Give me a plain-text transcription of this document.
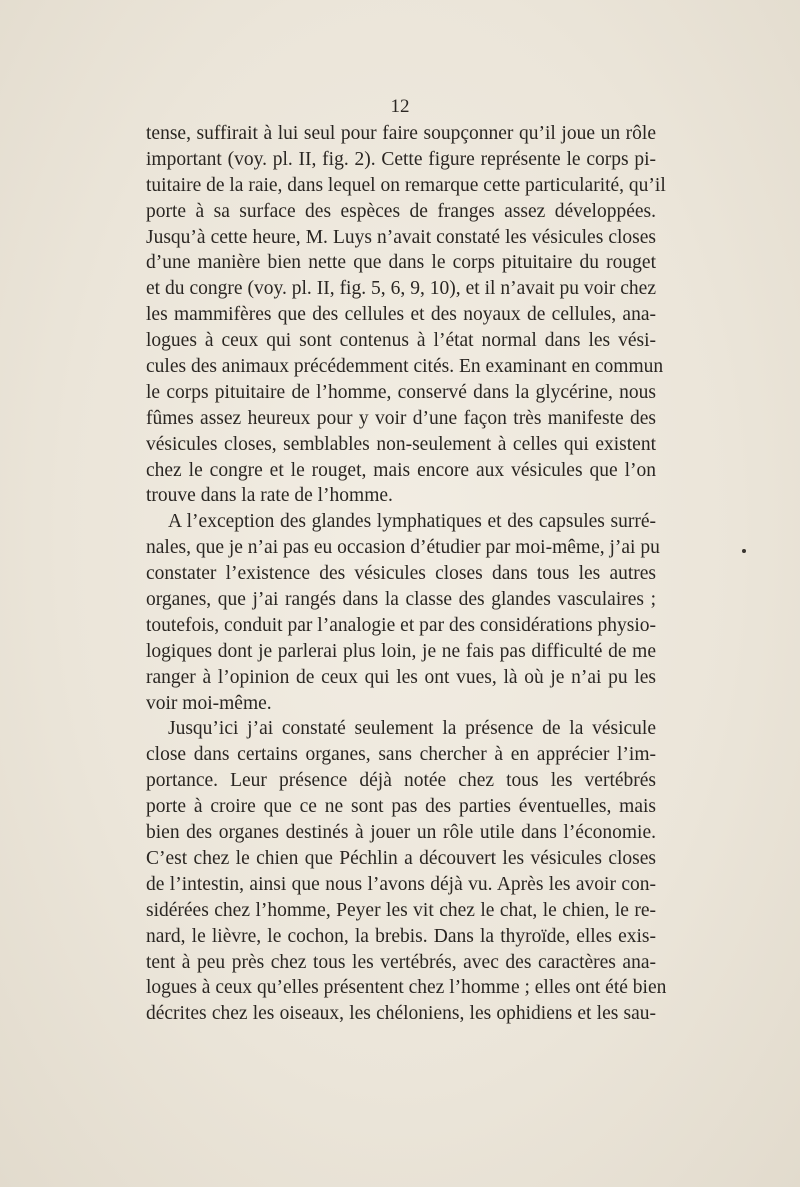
12
tense, suffirait à lui seul pour faire soupçonner qu’il joue un rôle
important (voy. pl. II, fig. 2). Cette figure représente le corps pi-
tuitaire de la raie, dans lequel on remarque cette particularité, qu’il
porte à sa surface des espèces de franges assez développées.
Jusqu’à cette heure, M. Luys n’avait constaté les vésicules closes
d’une manière bien nette que dans le corps pituitaire du rouget
et du congre (voy. pl. II, fig. 5, 6, 9, 10), et il n’avait pu voir chez
les mammifères que des cellules et des noyaux de cellules, ana-
logues à ceux qui sont contenus à l’état normal dans les vési-
cules des animaux précédemment cités. En examinant en commun
le corps pituitaire de l’homme, conservé dans la glycérine, nous
fûmes assez heureux pour y voir d’une façon très manifeste des
vésicules closes, semblables non-seulement à celles qui existent
chez le congre et le rouget, mais encore aux vésicules que l’on
trouve dans la rate de l’homme.
A l’exception des glandes lymphatiques et des capsules surré-
nales, que je n’ai pas eu occasion d’étudier par moi-même, j’ai pu
constater l’existence des vésicules closes dans tous les autres
organes, que j’ai rangés dans la classe des glandes vasculaires ;
toutefois, conduit par l’analogie et par des considérations physio-
logiques dont je parlerai plus loin, je ne fais pas difficulté de me
ranger à l’opinion de ceux qui les ont vues, là où je n’ai pu les
voir moi-même.
Jusqu’ici j’ai constaté seulement la présence de la vésicule
close dans certains organes, sans chercher à en apprécier l’im-
portance. Leur présence déjà notée chez tous les vertébrés
porte à croire que ce ne sont pas des parties éventuelles, mais
bien des organes destinés à jouer un rôle utile dans l’économie.
C’est chez le chien que Péchlin a découvert les vésicules closes
de l’intestin, ainsi que nous l’avons déjà vu. Après les avoir con-
sidérées chez l’homme, Peyer les vit chez le chat, le chien, le re-
nard, le lièvre, le cochon, la brebis. Dans la thyroïde, elles exis-
tent à peu près chez tous les vertébrés, avec des caractères ana-
logues à ceux qu’elles présentent chez l’homme ; elles ont été bien
décrites chez les oiseaux, les chéloniens, les ophidiens et les sau-
